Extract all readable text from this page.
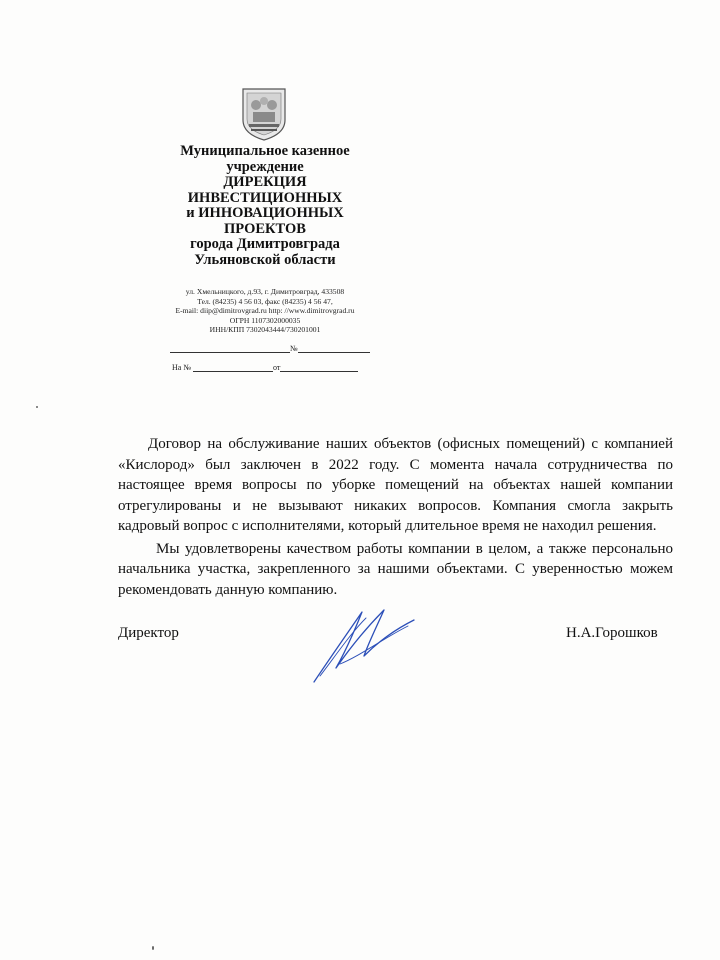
Муниципальное казенное
учреждение
ДИРЕКЦИЯ
ИНВЕСТИЦИОННЫХ
и ИННОВАЦИОННЫХ
ПРОЕКТОВ
города Димитровграда
Ульяновской области
ул. Хмельницкого, д.93, г. Димитровград, 433508
Тел. (84235) 4 56 03, факс (84235) 4 56 47,
E-mail: diip@dimitrovgrad.ru http: //www.dimitrovgrad.ru
ОГРН 1107302000035
ИНН/КПП 7302043444/730201001
№
На №	от

Договор на обслуживание наших объектов (офисных помещений) с компанией «Кислород» был заключен в 2022 году. С момента начала сотрудничества по настоящее время вопросы по уборке помещений на объектах нашей компании отрегулированы и не вызывают никаких вопросов. Компания смогла закрыть кадровый вопрос с исполнителями, который длительное время не находил решения.

Мы удовлетворены качеством работы компании в целом, а также персонально начальника участка, закрепленного за нашими объектами. С уверенностью можем рекомендовать данную компанию.

Директор	Н.А.Горошков
